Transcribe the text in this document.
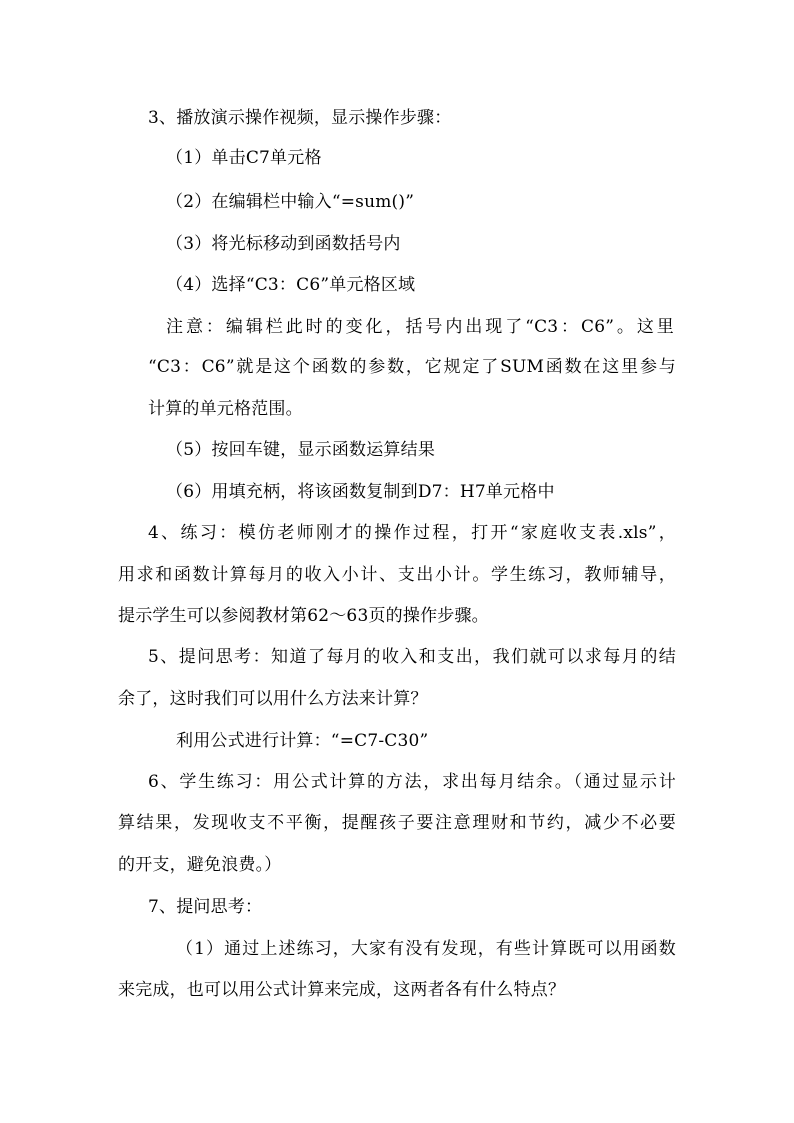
3、播放演示操作视频，显示操作步骤：
（1）单击C7单元格
（2）在编辑栏中输入“=sum()”
（3）将光标移动到函数括号内
（4）选择“C3：C6”单元格区域
注意：编辑栏此时的变化，括号内出现了“C3：C6”。这里
“C3：C6”就是这个函数的参数，它规定了SUM函数在这里参与
计算的单元格范围。
（5）按回车键，显示函数运算结果
（6）用填充柄，将该函数复制到D7：H7单元格中
4、练习：模仿老师刚才的操作过程，打开“家庭收支表.xls”，
用求和函数计算每月的收入小计、支出小计。学生练习，教师辅导，
提示学生可以参阅教材第62～63页的操作步骤。
5、提问思考：知道了每月的收入和支出，我们就可以求每月的结
余了，这时我们可以用什么方法来计算？
利用公式进行计算：“=C7-C30”
6、学生练习：用公式计算的方法，求出每月结余。（通过显示计
算结果，发现收支不平衡，提醒孩子要注意理财和节约，减少不必要
的开支，避免浪费。）
7、提问思考：
（1）通过上述练习，大家有没有发现，有些计算既可以用函数
来完成，也可以用公式计算来完成，这两者各有什么特点？
